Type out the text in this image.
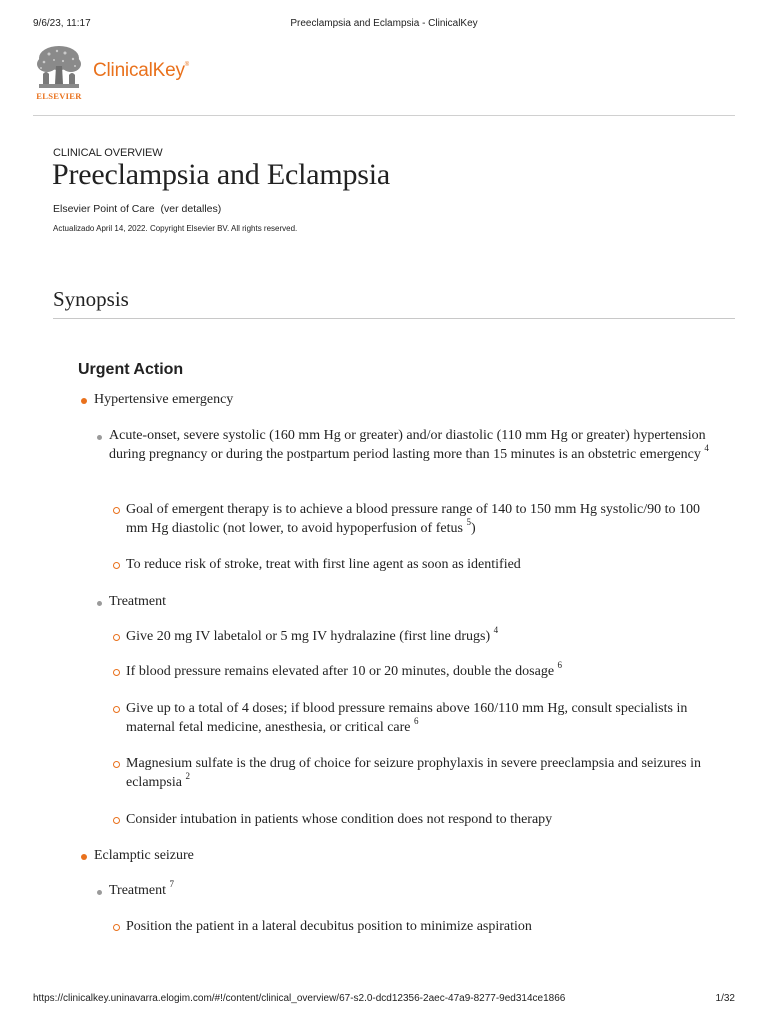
9/6/23, 11:17	Preeclampsia and Eclampsia - ClinicalKey
ELSEVIER
ClinicalKey®
CLINICAL OVERVIEW
Preeclampsia and Eclampsia
Elsevier Point of Care (ver detalles)
Actualizado April 14, 2022. Copyright Elsevier BV. All rights reserved.
Synopsis
Urgent Action
Hypertensive emergency
Acute-onset, severe systolic (160 mm Hg or greater) and/or diastolic (110 mm Hg or greater) hypertension during pregnancy or during the postpartum period lasting more than 15 minutes is an obstetric emergency $^4$
Goal of emergent therapy is to achieve a blood pressure range of 140 to 150 mm Hg systolic/90 to 100 mm Hg diastolic (not lower, to avoid hypoperfusion of fetus $^5$)
To reduce risk of stroke, treat with first line agent as soon as identified
Treatment
Give 20 mg IV labetalol or 5 mg IV hydralazine (first line drugs) $^4$
If blood pressure remains elevated after 10 or 20 minutes, double the dosage $^6$
Give up to a total of 4 doses; if blood pressure remains above 160/110 mm Hg, consult specialists in maternal fetal medicine, anesthesia, or critical care $^6$
Magnesium sulfate is the drug of choice for seizure prophylaxis in severe preeclampsia and seizures in eclampsia $^2$
Consider intubation in patients whose condition does not respond to therapy
Eclamptic seizure
Treatment $^7$
Position the patient in a lateral decubitus position to minimize aspiration
https://clinicalkey.uninavarra.elogim.com/#!/content/clinical_overview/67-s2.0-dcd12356-2aec-47a9-8277-9ed314ce1866	1/32
